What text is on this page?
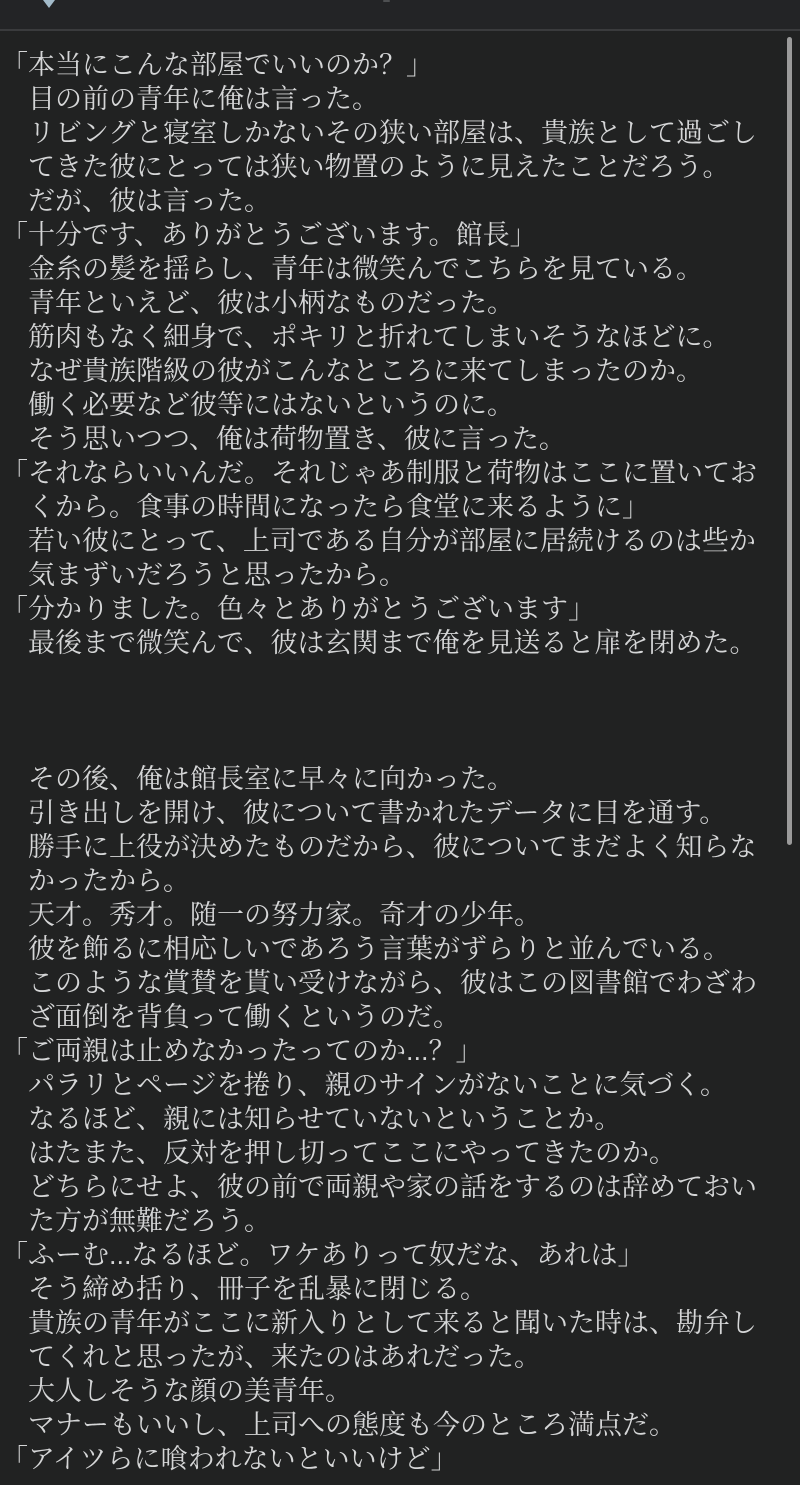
「本当にこんな部屋でいいのか？」

目の前の青年に俺は言った。

リビングと寝室しかないその狭い部屋は、貴族として過ごしてきた彼にとっては狭い物置のように見えたことだろう。

だが、彼は言った。

「十分です、ありがとうございます。館長」

金糸の髪を揺らし、青年は微笑んでこちらを見ている。

青年といえど、彼は小柄なものだった。

筋肉もなく細身で、ポキリと折れてしまいそうなほどに。

なぜ貴族階級の彼がこんなところに来てしまったのか。

働く必要など彼等にはないというのに。

そう思いつつ、俺は荷物置き、彼に言った。

「それならいいんだ。それじゃあ制服と荷物はここに置いておくから。食事の時間になったら食堂に来るように」

若い彼にとって、上司である自分が部屋に居続けるのは些か気まずいだろうと思ったから。

「分かりました。色々とありがとうございます」

最後まで微笑んで、彼は玄関まで俺を見送ると扉を閉めた。

その後、俺は館長室に早々に向かった。

引き出しを開け、彼について書かれたデータに目を通す。

勝手に上役が決めたものだから、彼についてまだよく知らなかったから。

天才。秀才。随一の努力家。奇才の少年。

彼を飾るに相応しいであろう言葉がずらりと並んでいる。

このような賞賛を貰い受けながら、彼はこの図書館でわざわざ面倒を背負って働くというのだ。

「ご両親は止めなかったってのか...？」

パラリとページを捲り、親のサインがないことに気づく。

なるほど、親には知らせていないということか。

はたまた、反対を押し切ってここにやってきたのか。

どちらにせよ、彼の前で両親や家の話をするのは辞めておいた方が無難だろう。

「ふーむ...なるほど。ワケありって奴だな、あれは」

そう締め括り、冊子を乱暴に閉じる。

貴族の青年がここに新入りとして来ると聞いた時は、勘弁してくれと思ったが、来たのはあれだった。

大人しそうな顔の美青年。

マナーもいいし、上司への態度も今のところ満点だ。

「アイツらに喰われないといいけど」
